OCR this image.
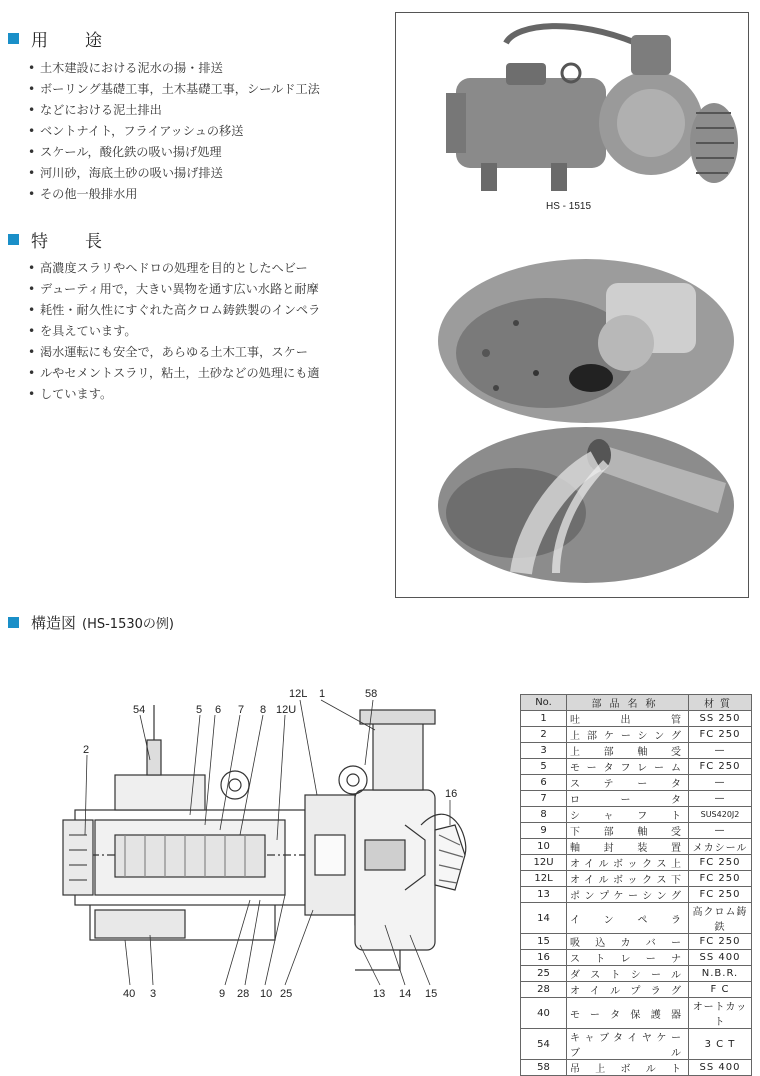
用　途
• 土木建設における泥水の揚・排送
• ボーリング基礎工事，土木基礎工事，シールド工法
• などにおける泥土排出
• ベントナイト，フライアッシュの移送
• スケール，酸化鉄の吸い揚げ処理
• 河川砂，海底土砂の吸い揚げ排送
• その他一般排水用
特　長
• 高濃度スラリやヘドロの処理を目的としたヘビー
• デューティ用で，大きい異物を通す広い水路と耐摩
• 耗性・耐久性にすぐれた高クロム鋳鉄製のインペラ
• を具えています。
• 渇水運転にも安全で，あらゆる土木工事，スケー
• ルやセメントスラリ，粘土，土砂などの処理にも適
• しています。
HS - 1515
構造図 (HS-1530の例)
54	5 6 7 8 12U
12L 1	58
2
16
40 3	9 28 10 25	13 14 15
No.	部品名称	材質
1	吐出管	SS 250
2	上部ケーシング	FC 250
3	上部軸受	—
5	モータフレーム	FC 250
6	ステータ	—
7	ロータ	—
8	シャフト	SUS420J2
9	下部軸受	—
10	軸封装置	メカシール
12U	オイルボックス上	FC 250
12L	オイルボックス下	FC 250
13	ポンプケーシング	FC 250
14	インペラ	高クロム鋳鉄
15	吸込カバー	FC 250
16	ストレーナ	SS 400
25	ダストシール	N.B.R.
28	オイルプラグ	F C
40	モータ保護器	オートカット
54	キャブタイヤケーブル	3 C T
58	吊上ボルト	SS 400
